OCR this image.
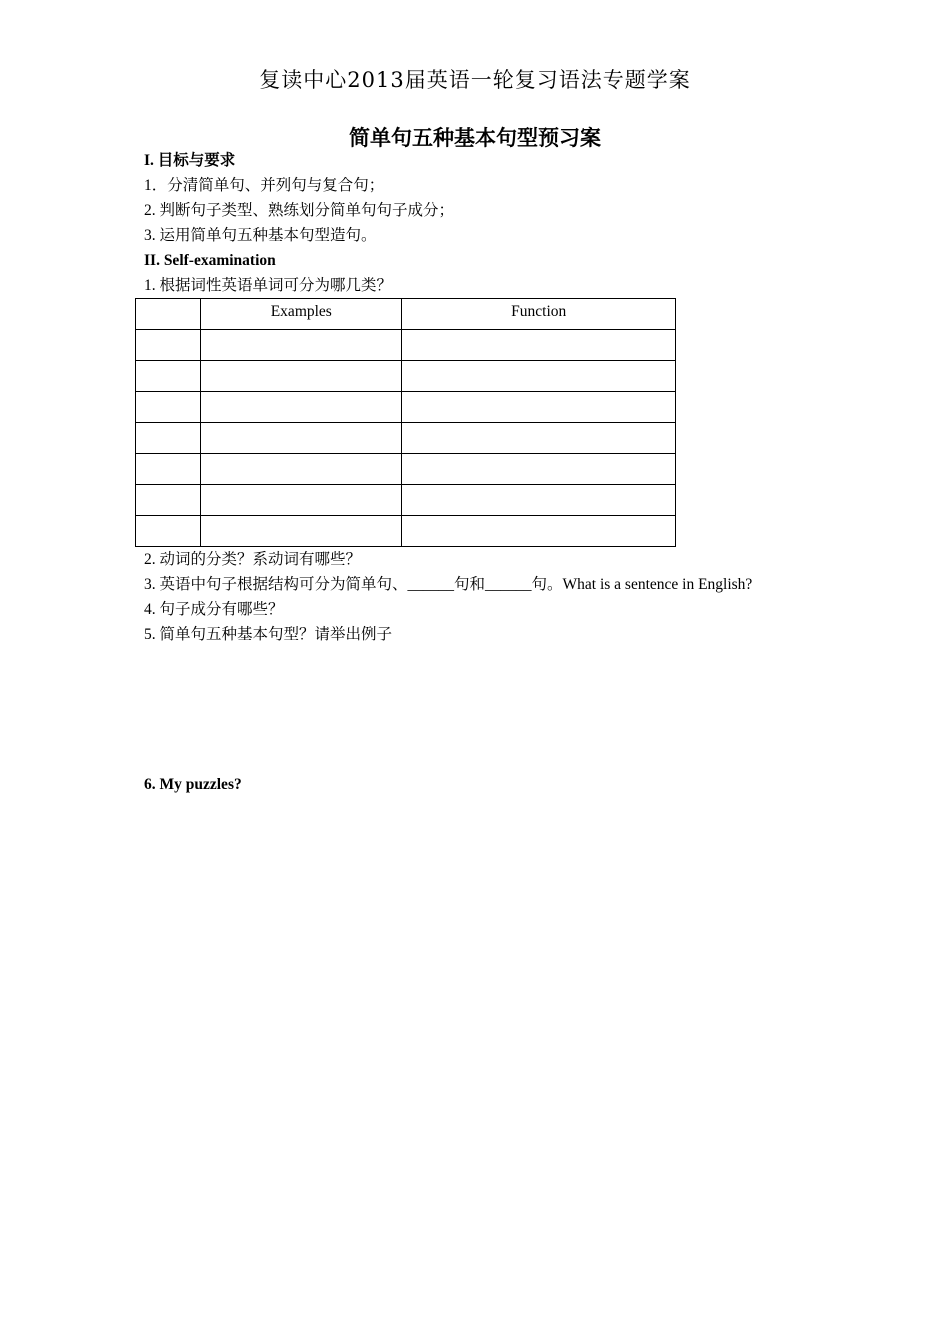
复读中心2013届英语一轮复习语法专题学案
简单句五种基本句型预习案
I. 目标与要求
1．分清简单句、并列句与复合句；
2. 判断句子类型、熟练划分简单句句子成分；
3. 运用简单句五种基本句型造句。
II. Self-examination
1. 根据词性英语单词可分为哪几类？
	Examples	Function

2. 动词的分类？系动词有哪些？
3. 英语中句子根据结构可分为简单句、______句和______句。What is a sentence in English?
4. 句子成分有哪些？
5. 简单句五种基本句型？请举出例子
6. My puzzles?
